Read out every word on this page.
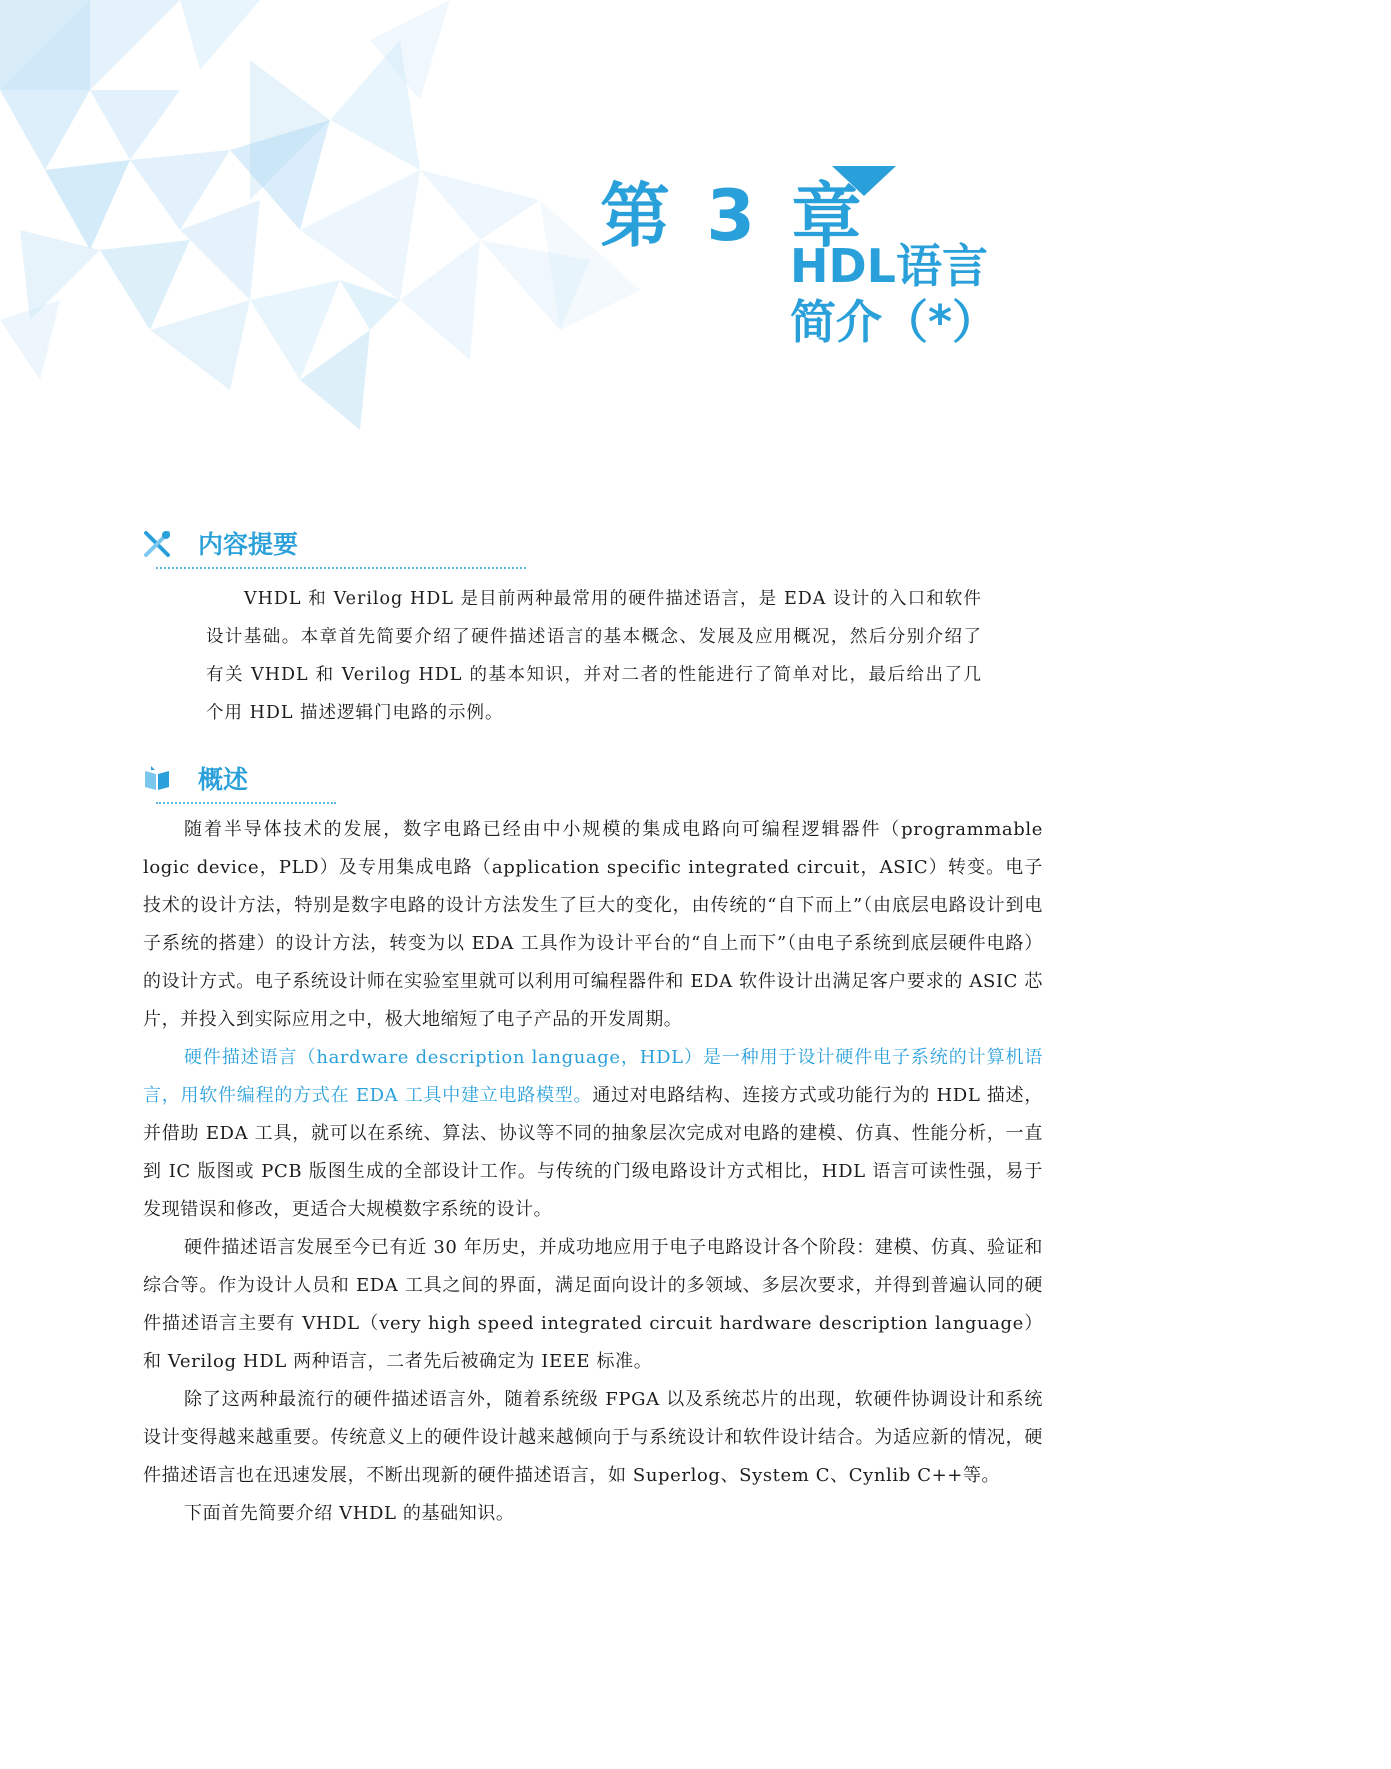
第 3 章
HDL语言
简介（*）
内容提要

VHDL 和 Verilog HDL 是目前两种最常用的硬件描述语言，是 EDA 设计的入口和软件设计基础。本章首先简要介绍了硬件描述语言的基本概念、发展及应用概况，然后分别介绍了有关 VHDL 和 Verilog HDL 的基本知识，并对二者的性能进行了简单对比，最后给出了几个用 HDL 描述逻辑门电路的示例。

概述

随着半导体技术的发展，数字电路已经由中小规模的集成电路向可编程逻辑器件（programmable logic device，PLD）及专用集成电路（application specific integrated circuit，ASIC）转变。电子技术的设计方法，特别是数字电路的设计方法发生了巨大的变化，由传统的“自下而上”（由底层电路设计到电子系统的搭建）的设计方法，转变为以 EDA 工具作为设计平台的“自上而下”（由电子系统到底层硬件电路）的设计方式。电子系统设计师在实验室里就可以利用可编程器件和 EDA 软件设计出满足客户要求的 ASIC 芯片，并投入到实际应用之中，极大地缩短了电子产品的开发周期。

硬件描述语言（hardware description language，HDL）是一种用于设计硬件电子系统的计算机语言，用软件编程的方式在 EDA 工具中建立电路模型。通过对电路结构、连接方式或功能行为的 HDL 描述，并借助 EDA 工具，就可以在系统、算法、协议等不同的抽象层次完成对电路的建模、仿真、性能分析，一直到 IC 版图或 PCB 版图生成的全部设计工作。与传统的门级电路设计方式相比，HDL 语言可读性强，易于发现错误和修改，更适合大规模数字系统的设计。

硬件描述语言发展至今已有近 30 年历史，并成功地应用于电子电路设计各个阶段：建模、仿真、验证和综合等。作为设计人员和 EDA 工具之间的界面，满足面向设计的多领域、多层次要求，并得到普遍认同的硬件描述语言主要有 VHDL（very high speed integrated circuit hardware description language）和 Verilog HDL 两种语言，二者先后被确定为 IEEE 标准。

除了这两种最流行的硬件描述语言外，随着系统级 FPGA 以及系统芯片的出现，软硬件协调设计和系统设计变得越来越重要。传统意义上的硬件设计越来越倾向于与系统设计和软件设计结合。为适应新的情况，硬件描述语言也在迅速发展，不断出现新的硬件描述语言，如 Superlog、System C、Cynlib C++等。

下面首先简要介绍 VHDL 的基础知识。
